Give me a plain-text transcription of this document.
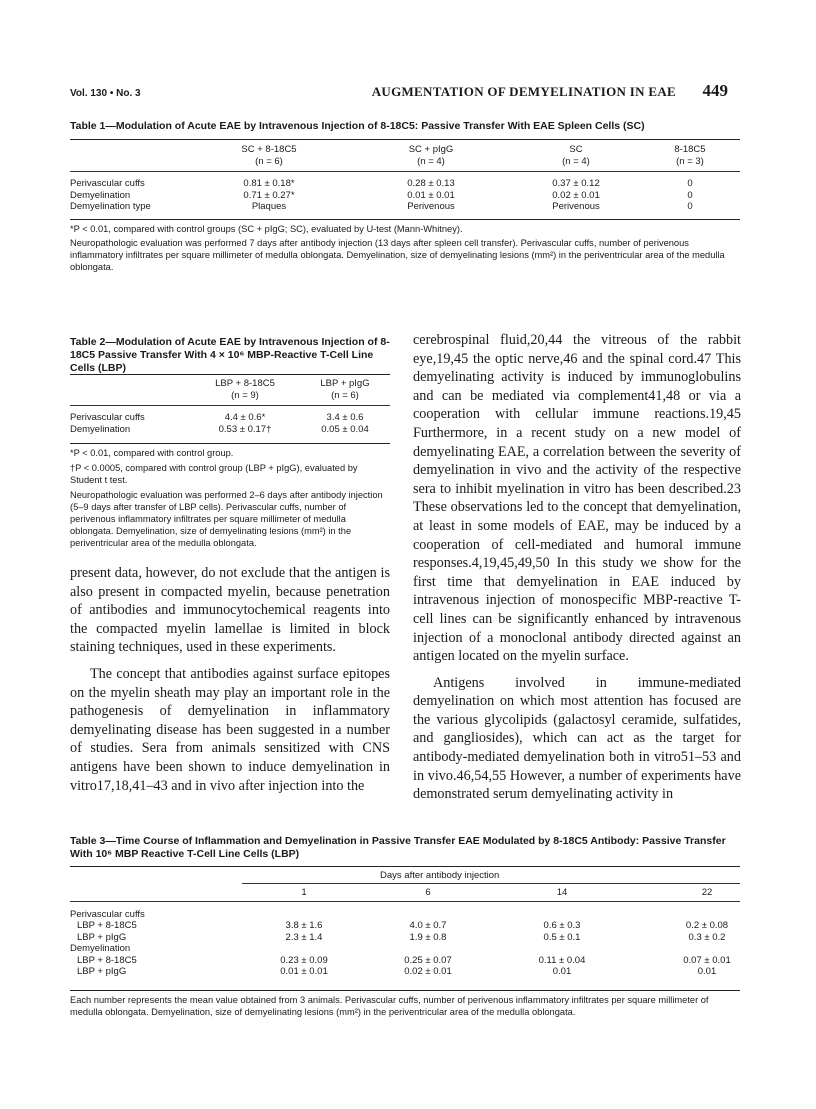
Vol. 130 • No. 3	AUGMENTATION OF DEMYELINATION IN EAE 449
Table 1—Modulation of Acute EAE by Intravenous Injection of 8-18C5: Passive Transfer With EAE Spleen Cells (SC)
	SC + 8-18C5	SC + pIgG	SC	8-18C5
	(n = 6)	(n = 4)	(n = 4)	(n = 3)

Perivascular cuffs	0.81 ± 0.18*	0.28 ± 0.13	0.37 ± 0.12	0
Demyelination	0.71 ± 0.27*	0.01 ± 0.01	0.02 ± 0.01	0
Demyelination type	Plaques	Perivenous	Perivenous	0

*P < 0.01, compared with control groups (SC + pIgG; SC), evaluated by U-test (Mann-Whitney).

Neuropathologic evaluation was performed 7 days after antibody injection (13 days after spleen cell transfer). Perivascular cuffs, number of perivenous inflammatory infiltrates per square millimeter of medulla oblongata. Demyelination, size of demyelinating lesions (mm²) in the periventricular area of the medulla oblongata.

Table 2—Modulation of Acute EAE by Intravenous Injection of 8-18C5 Passive Transfer With 4 × 10⁶ MBP-Reactive T-Cell Line Cells (LBP)
	LBP + 8-18C5	LBP + pIgG
	(n = 9)	(n = 6)

Perivascular cuffs	4.4 ± 0.6*	3.4 ± 0.6
Demyelination	0.53 ± 0.17†	0.05 ± 0.04

*P < 0.01, compared with control group.

†P < 0.0005, compared with control group (LBP + pIgG), evaluated by Student t test.

Neuropathologic evaluation was performed 2–6 days after antibody injection (5–9 days after transfer of LBP cells). Perivascular cuffs, number of perivenous inflammatory infiltrates per square millimeter of medulla oblongata. Demyelination, size of demyelinating lesions (mm²) in the periventricular area of the medulla oblongata.

present data, however, do not exclude that the antigen is also present in compacted myelin, because penetration of antibodies and immunocytochemical reagents into the compacted myelin lamellae is limited in block staining techniques, used in these experiments.

The concept that antibodies against surface epitopes on the myelin sheath may play an important role in the pathogenesis of demyelination in inflammatory demyelinating disease has been suggested in a number of studies. Sera from animals sensitized with CNS antigens have been shown to induce demyelination in vitro17,18,41–43 and in vivo after injection into the

cerebrospinal fluid,20,44 the vitreous of the rabbit eye,19,45 the optic nerve,46 and the spinal cord.47 This demyelinating activity is induced by immunoglobulins and can be mediated via complement41,48 or via a cooperation with cellular immune reactions.19,45 Furthermore, in a recent study on a new model of demyelinating EAE, a correlation between the severity of demyelination in vivo and the activity of the respective sera to inhibit myelination in vitro has been described.23 These observations led to the concept that demyelination, at least in some models of EAE, may be induced by a cooperation of cell-mediated and humoral immune responses.4,19,45,49,50 In this study we show for the first time that demyelination in EAE induced by intravenous injection of monospecific MBP-reactive T-cell lines can be significantly enhanced by intravenous injection of a monoclonal antibody directed against an antigen located on the myelin surface.

Antigens involved in immune-mediated demyelination on which most attention has focused are the various glycolipids (galactosyl ceramide, sulfatides, and gangliosides), which can act as the target for antibody-mediated demyelination both in vitro51–53 and in vivo.46,54,55 However, a number of experiments have demonstrated serum demyelinating activity in

Table 3—Time Course of Inflammation and Demyelination in Passive Transfer EAE Modulated by 8-18C5 Antibody: Passive Transfer With 10⁶ MBP Reactive T-Cell Line Cells (LBP)
Days after antibody injection
	1	6	14	22

Perivascular cuffs				
LBP + 8-18C5	3.8 ± 1.6	4.0 ± 0.7	0.6 ± 0.3	0.2 ± 0.08
LBP + pIgG	2.3 ± 1.4	1.9 ± 0.8	0.5 ± 0.1	0.3 ± 0.2
Demyelination				
LBP + 8-18C5	0.23 ± 0.09	0.25 ± 0.07	0.11 ± 0.04	0.07 ± 0.01
LBP + pIgG	0.01 ± 0.01	0.02 ± 0.01	0.01	0.01
Each number represents the mean value obtained from 3 animals. Perivascular cuffs, number of perivenous inflammatory infiltrates per square millimeter of medulla oblongata. Demyelination, size of demyelinating lesions (mm²) in the periventricular area of the medulla oblongata.
